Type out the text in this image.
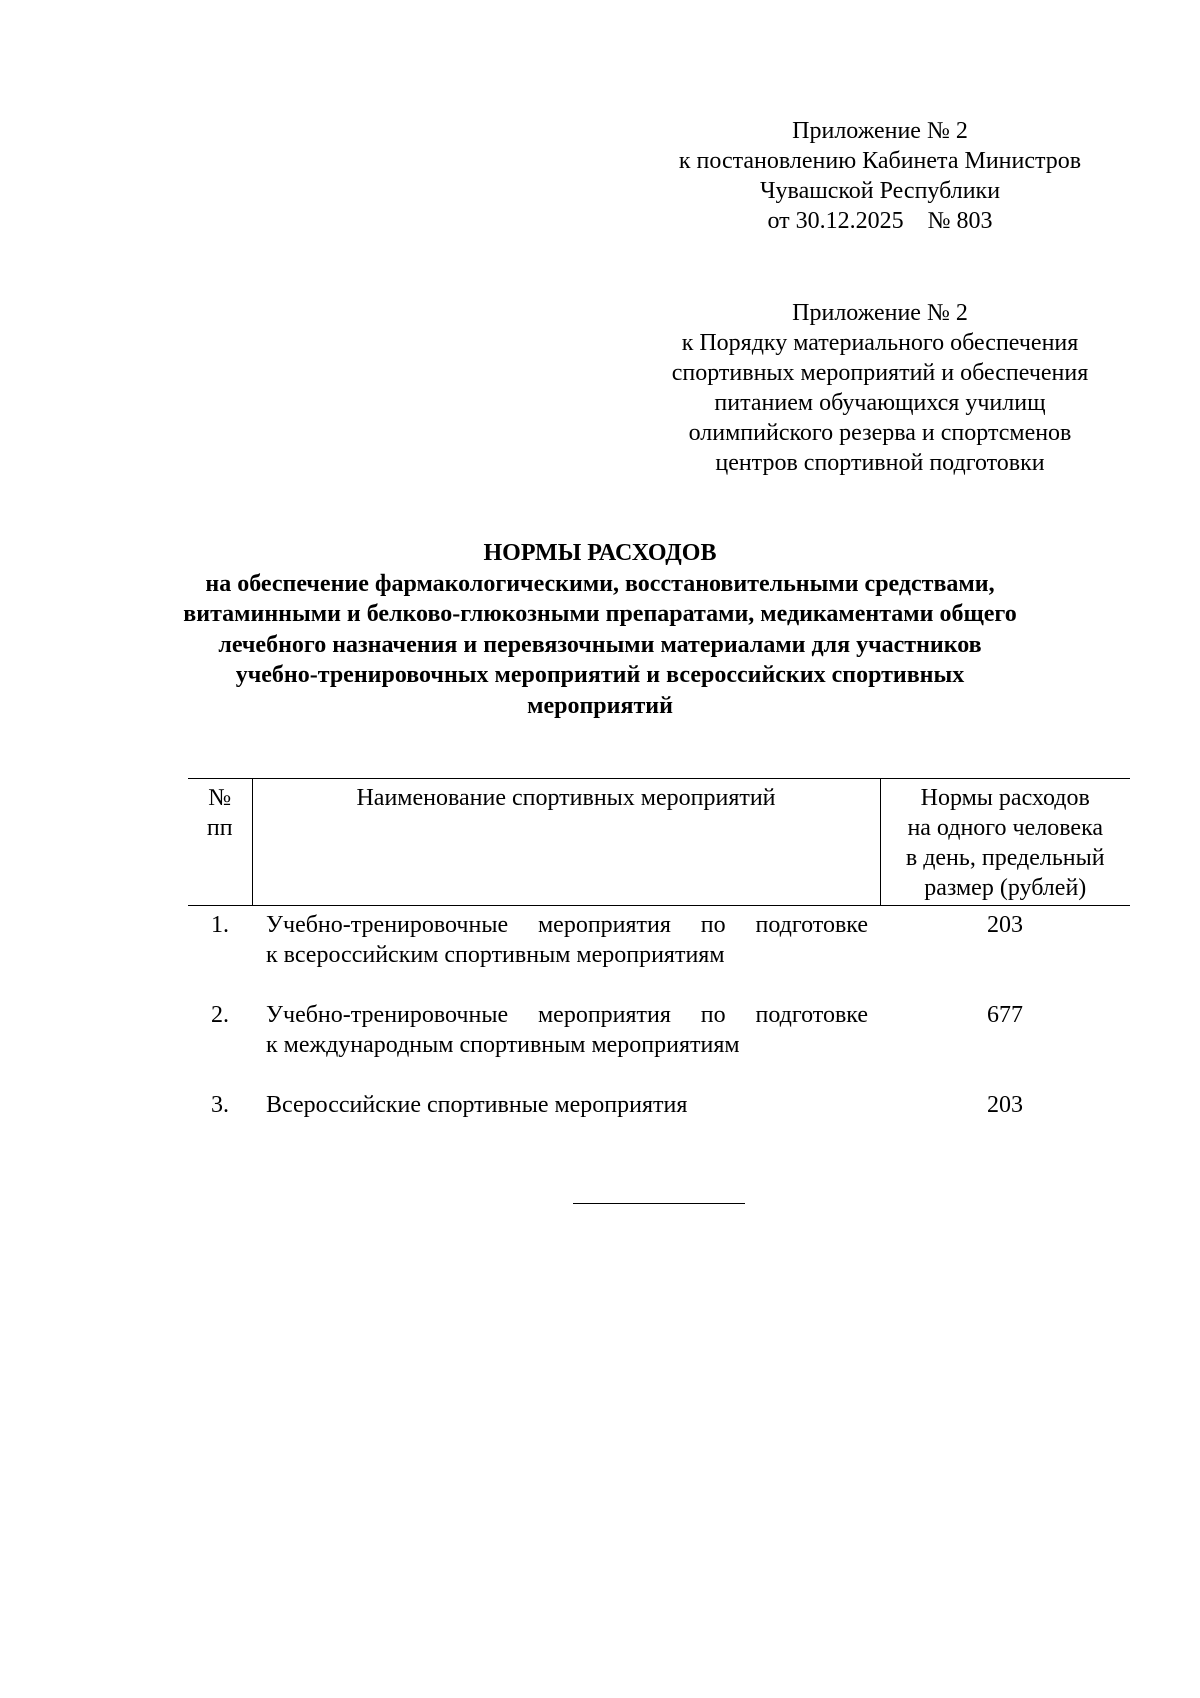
Приложение № 2
к постановлению Кабинета Министров
Чувашской Республики
от 30.12.2025    № 803
Приложение № 2
к Порядку материального обеспечения
спортивных мероприятий и обеспечения
питанием обучающихся училищ
олимпийского резерва и спортсменов
центров спортивной подготовки
НОРМЫ РАСХОДОВ
на обеспечение фармакологическими, восстановительными средствами,
витаминными и белково-глюкозными препаратами, медикаментами общего
лечебного назначения и перевязочными материалами для участников
учебно-тренировочных мероприятий и всероссийских спортивных
мероприятий
№
пп	Наименование спортивных мероприятий	Нормы расходов
на одного человека
в день, предельный
размер (рублей)

1.	Учебно-тренировочные мероприятия по подготовке
к всероссийским спортивным мероприятиям	203
2.	Учебно-тренировочные мероприятия по подготовке
к международным спортивным мероприятиям	677
3.	Всероссийские спортивные мероприятия	203
